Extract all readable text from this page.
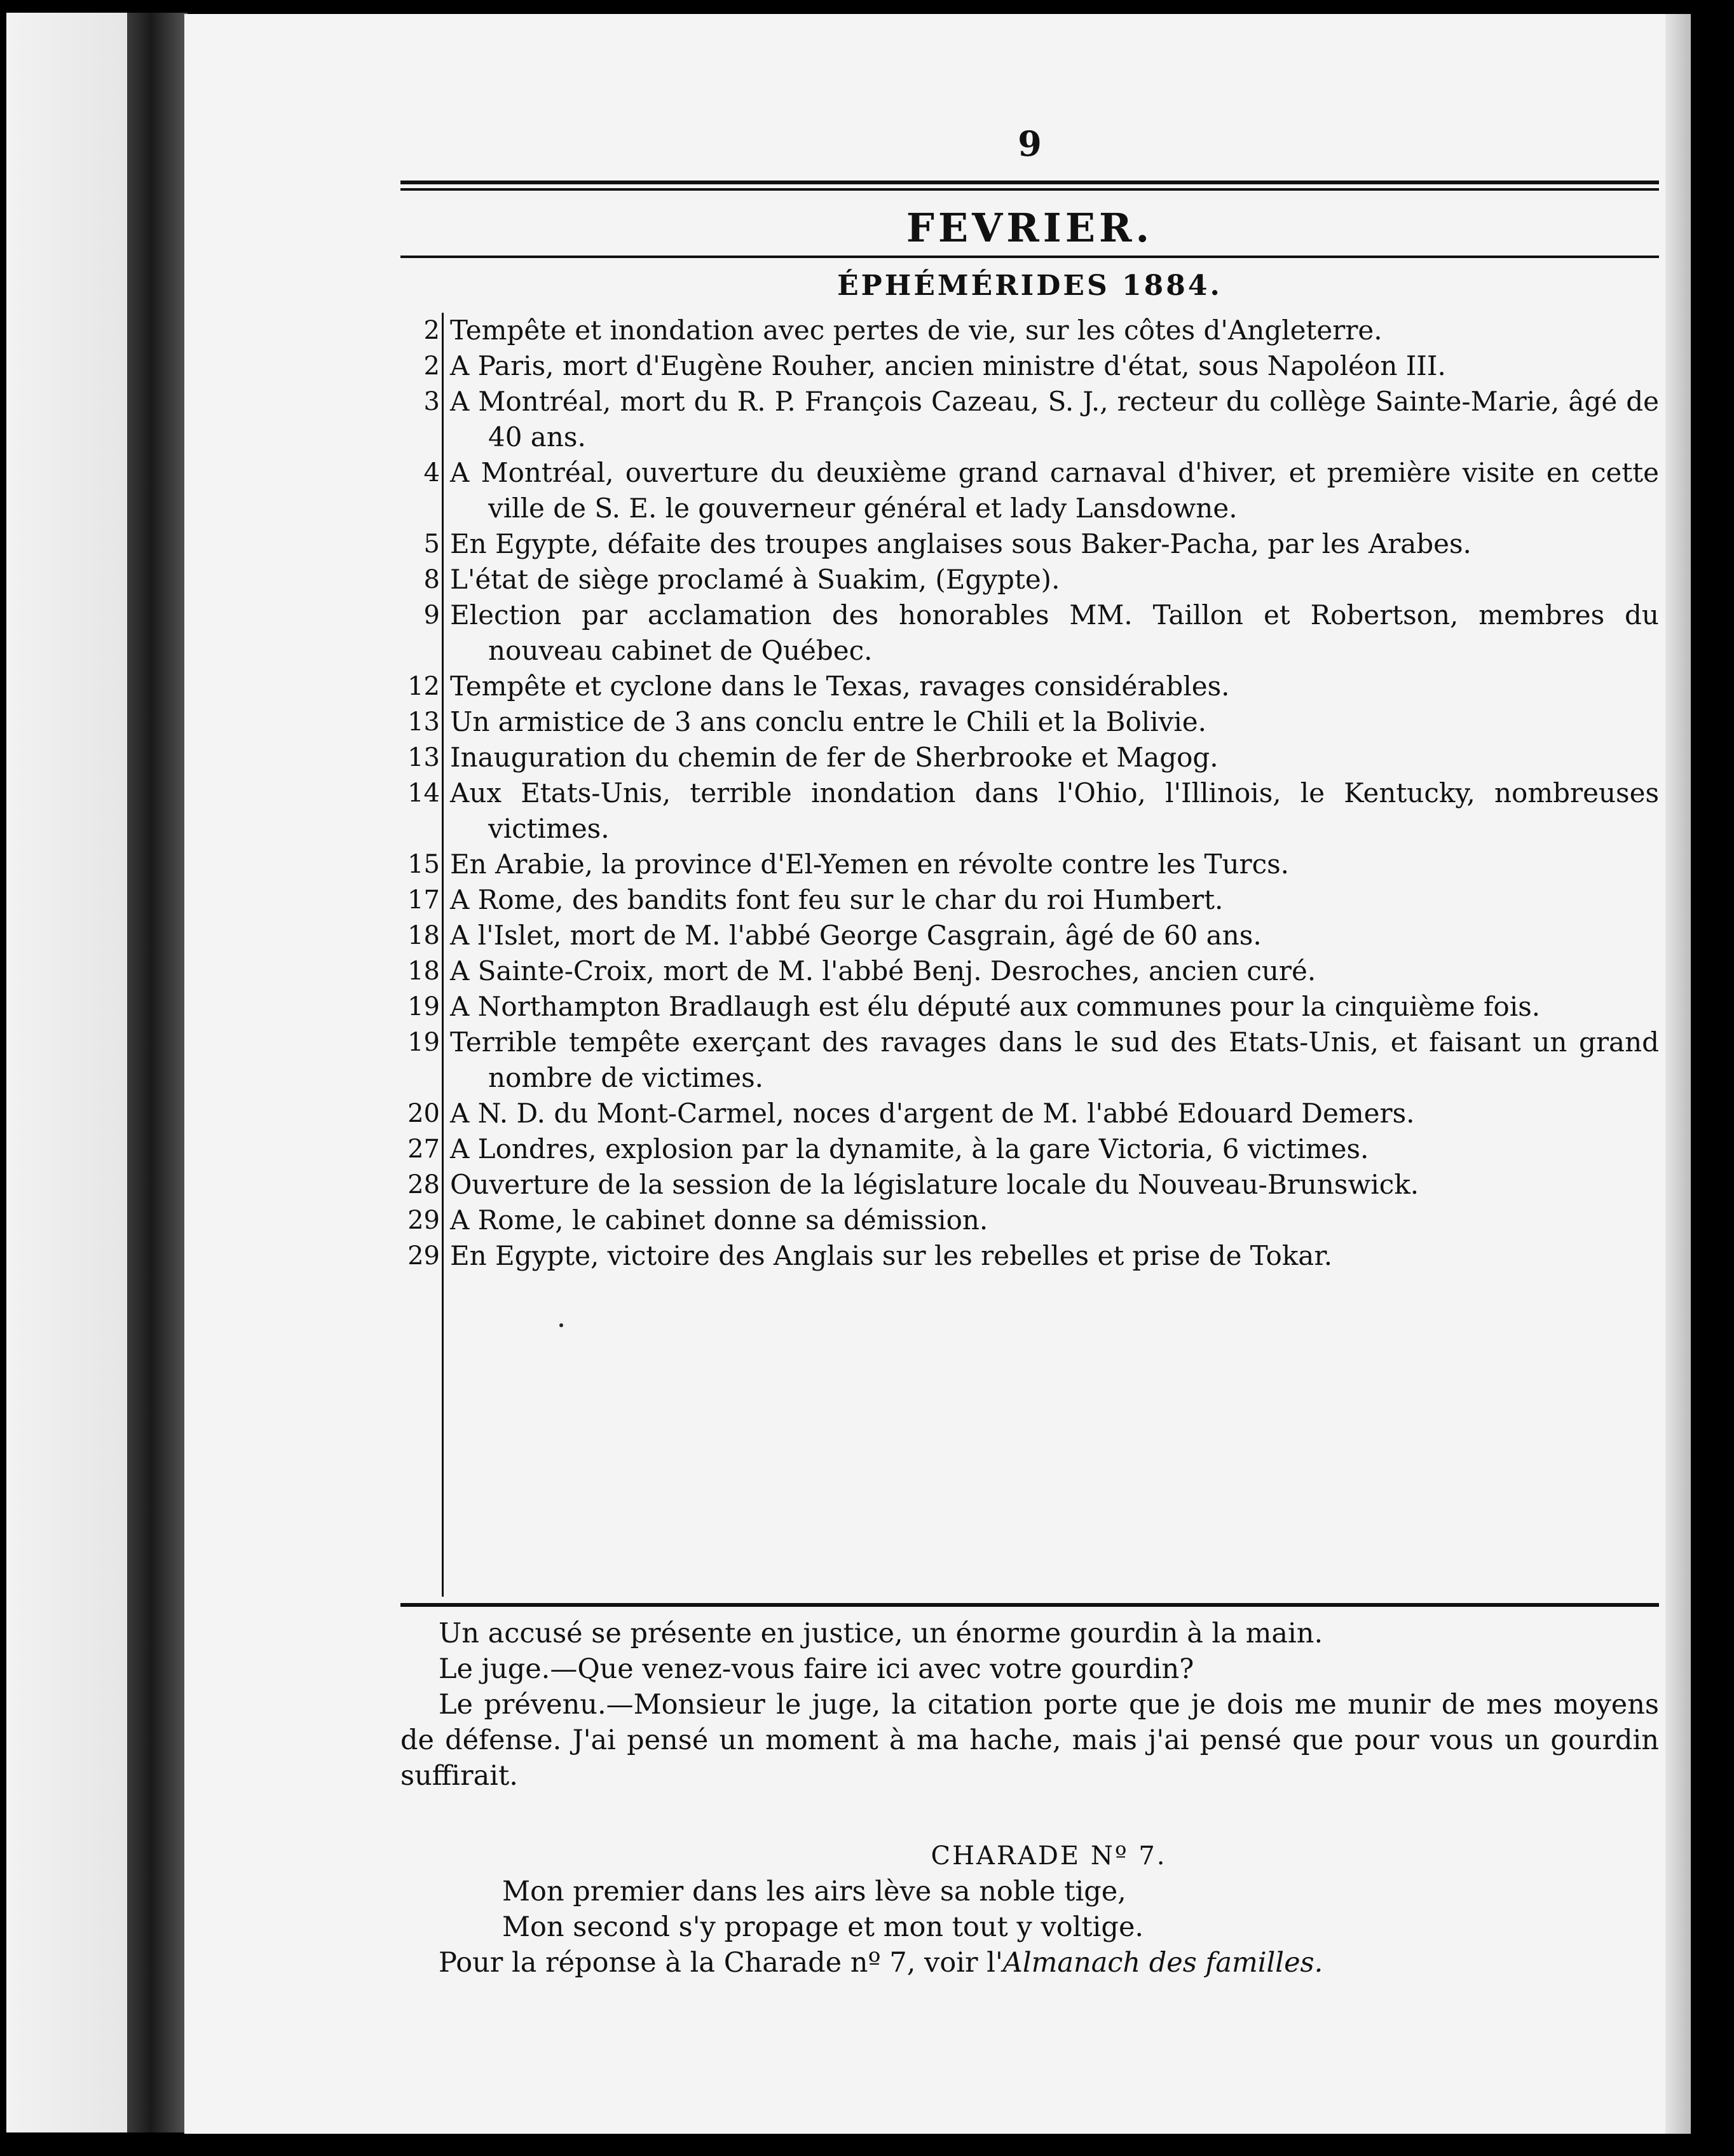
9
FEVRIER.
ÉPHÉMÉRIDES 1884.
2 Tempête et inondation avec pertes de vie, sur les côtes d'Angleterre.
2 A Paris, mort d'Eugène Rouher, ancien ministre d'état, sous Napoléon III.
3 A Montréal, mort du R. P. François Cazeau, S. J., recteur du collège Sainte-Marie, âgé de 40 ans.
4 A Montréal, ouverture du deuxième grand carnaval d'hiver, et première visite en cette ville de S. E. le gouverneur général et lady Lansdowne.
5 En Egypte, défaite des troupes anglaises sous Baker-Pacha, par les Arabes.
8 L'état de siège proclamé à Suakim, (Egypte).
9 Election par acclamation des honorables MM. Taillon et Robertson, membres du nouveau cabinet de Québec.
12 Tempête et cyclone dans le Texas, ravages considérables.
13 Un armistice de 3 ans conclu entre le Chili et la Bolivie.
13 Inauguration du chemin de fer de Sherbrooke et Magog.
14 Aux Etats-Unis, terrible inondation dans l'Ohio, l'Illinois, le Kentucky, nombreuses victimes.
15 En Arabie, la province d'El-Yemen en révolte contre les Turcs.
17 A Rome, des bandits font feu sur le char du roi Humbert.
18 A l'Islet, mort de M. l'abbé George Casgrain, âgé de 60 ans.
18 A Sainte-Croix, mort de M. l'abbé Benj. Desroches, ancien curé.
19 A Northampton Bradlaugh est élu député aux communes pour la cinquième fois.
19 Terrible tempête exerçant des ravages dans le sud des Etats-Unis, et faisant un grand nombre de victimes.
20 A N. D. du Mont-Carmel, noces d'argent de M. l'abbé Edouard Demers.
27 A Londres, explosion par la dynamite, à la gare Victoria, 6 victimes.
28 Ouverture de la session de la législature locale du Nouveau-Brunswick.
29 A Rome, le cabinet donne sa démission.
29 En Egypte, victoire des Anglais sur les rebelles et prise de Tokar.

Un accusé se présente en justice, un énorme gourdin à la main.

Le juge.—Que venez-vous faire ici avec votre gourdin?

Le prévenu.—Monsieur le juge, la citation porte que je dois me munir de mes moyens de défense. J'ai pensé un moment à ma hache, mais j'ai pensé que pour vous un gourdin suffirait.

CHARADE Nº 7.
Mon premier dans les airs lève sa noble tige,
Mon second s'y propage et mon tout y voltige.
Pour la réponse à la Charade nº 7, voir l'Almanach des familles.
